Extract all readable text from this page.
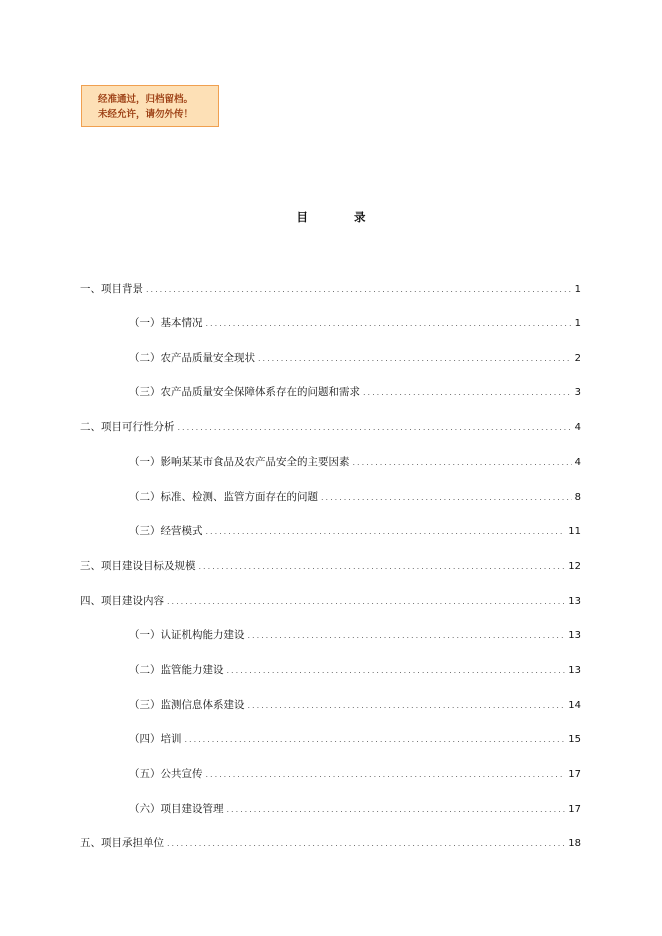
经准通过，归档留档。
未经允许，请勿外传！
目	录
一、项目背景 .....	1
（一）基本情况 .....	1
（二）农产品质量安全现状 .....	2
（三）农产品质量安全保障体系存在的问题和需求 .....	3
二、项目可行性分析 .....	4
（一）影响某某市食品及农产品安全的主要因素 .....	4
（二）标准、检测、监管方面存在的问题 .....	8
（三）经营模式 .....	11
三、项目建设目标及规模 .....	12
四、项目建设内容 .....	13
（一）认证机构能力建设 .....	13
（二）监管能力建设 .....	13
（三）监测信息体系建设 .....	14
（四）培训 .....	15
（五）公共宣传 .....	17
（六）项目建设管理 .....	17
五、项目承担单位 .....	18
